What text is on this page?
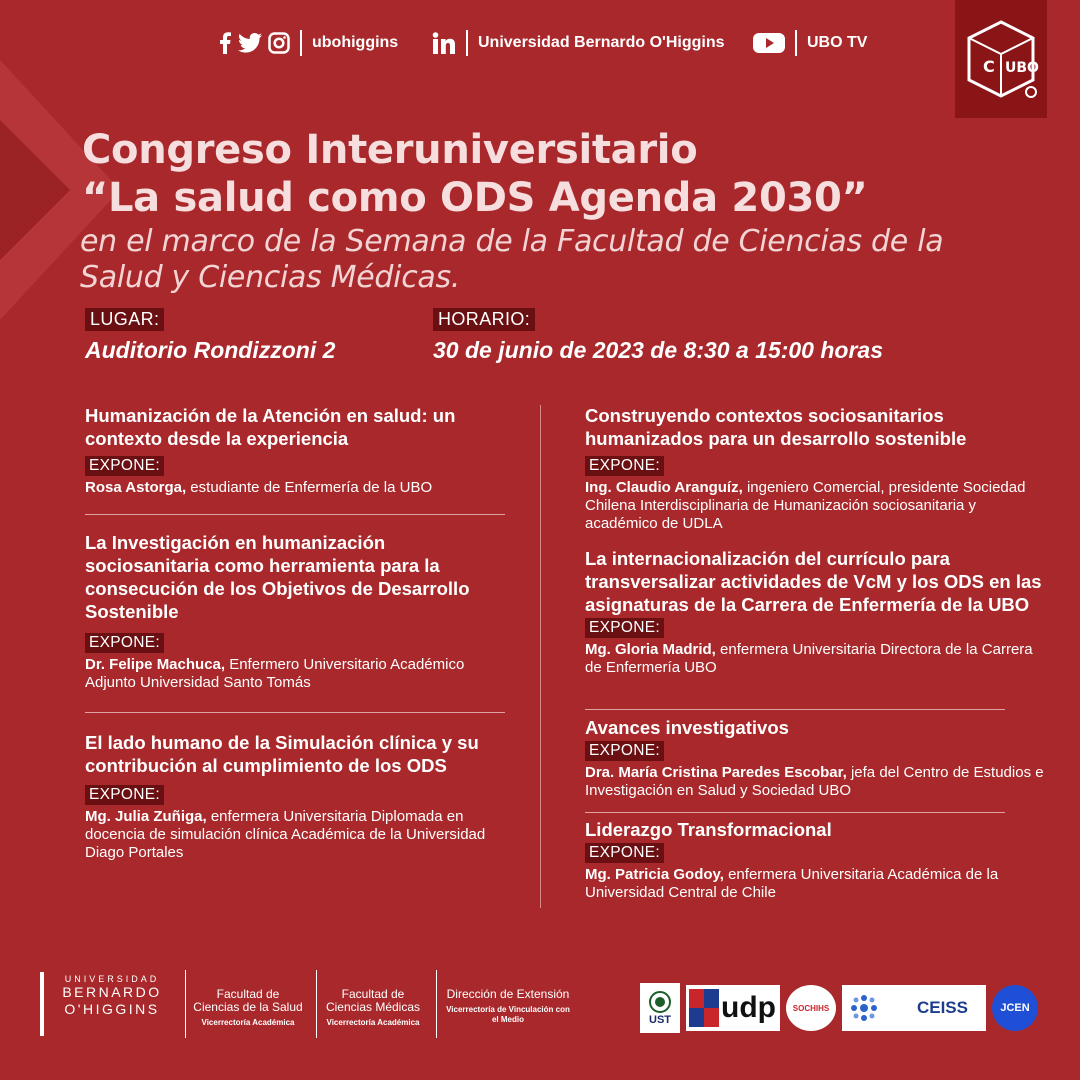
ubohiggins	Universidad Bernardo O'Higgins	UBO TV
C UBO
Congreso Interuniversitario
“La salud como ODS Agenda 2030”
en el marco de la Semana de la Facultad de Ciencias de la Salud y Ciencias Médicas.
LUGAR:
Auditorio Rondizzoni 2
HORARIO:
30 de junio de 2023 de 8:30 a 15:00 horas

Humanización de la Atención en salud: un contexto desde la experiencia

EXPONE:
Rosa Astorga, estudiante de Enfermería de la UBO

La Investigación en humanización sociosanitaria como herramienta para la consecución de los Objetivos de Desarrollo Sostenible

EXPONE:
Dr. Felipe Machuca, Enfermero Universitario Académico Adjunto Universidad Santo Tomás

El lado humano de la Simulación clínica y su contribución al cumplimiento de los ODS

EXPONE:
Mg. Julia Zuñiga, enfermera Universitaria Diplomada en docencia de simulación clínica Académica de la Universidad Diago Portales

Construyendo contextos sociosanitarios humanizados para un desarrollo sostenible

EXPONE:
Ing. Claudio Aranguíz, ingeniero Comercial, presidente Sociedad Chilena Interdisciplinaria de Humanización sociosanitaria y académico de UDLA

La internacionalización del currículo para transversalizar actividades de VcM y los ODS en las asignaturas de la Carrera de Enfermería de la UBO

EXPONE:
Mg. Gloria Madrid, enfermera Universitaria Directora de la Carrera de Enfermería UBO

Avances investigativos

EXPONE:
Dra. María Cristina Paredes Escobar, jefa del Centro de Estudios e Investigación en Salud y Sociedad UBO

Liderazgo Transformacional

EXPONE:
Mg. Patricia Godoy, enfermera Universitaria Académica de la Universidad Central de Chile
UNIVERSIDAD
BERNARDO
O'HIGGINS
Facultad de Ciencias de la Salud
Vicerrectoría Académica
Facultad de Ciencias Médicas
Vicerrectoría Académica
Dirección de Extensión
Vicerrectoría de Vinculación con el Medio	UST udp SOCHIHS	CEISS	JCEN
